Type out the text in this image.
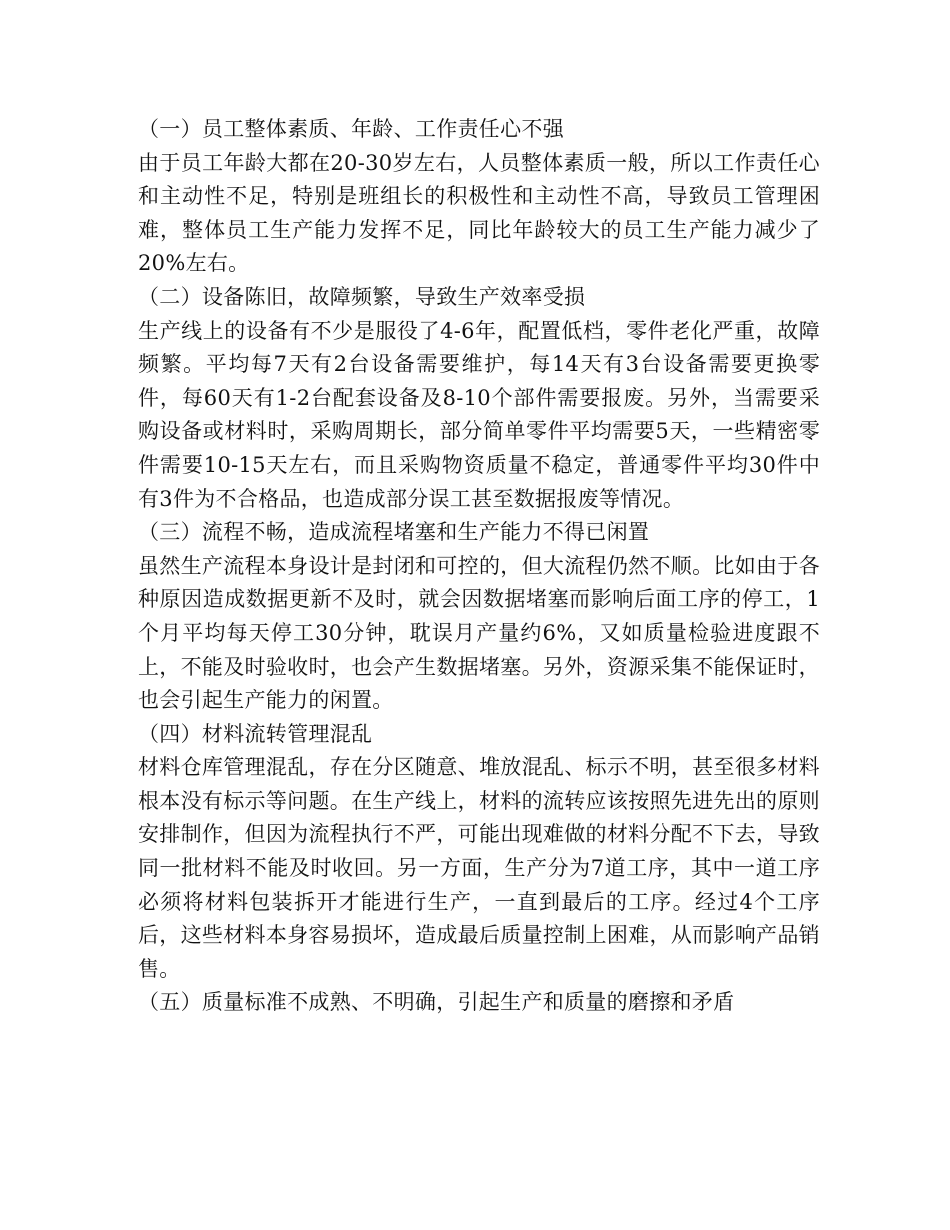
（一）员工整体素质、年龄、工作责任心不强

由于员工年龄大都在20-30岁左右，人员整体素质一般，所以工作责任心和主动性不足，特别是班组长的积极性和主动性不高，导致员工管理困难，整体员工生产能力发挥不足，同比年龄较大的员工生产能力减少了20%左右。

（二）设备陈旧，故障频繁，导致生产效率受损

生产线上的设备有不少是服役了4-6年，配置低档，零件老化严重，故障频繁。平均每7天有2台设备需要维护，每14天有3台设备需要更换零件，每60天有1-2台配套设备及8-10个部件需要报废。另外，当需要采购设备或材料时，采购周期长，部分简单零件平均需要5天，一些精密零件需要10-15天左右，而且采购物资质量不稳定，普通零件平均30件中有3件为不合格品，也造成部分误工甚至数据报废等情况。

（三）流程不畅，造成流程堵塞和生产能力不得已闲置

虽然生产流程本身设计是封闭和可控的，但大流程仍然不顺。比如由于各种原因造成数据更新不及时，就会因数据堵塞而影响后面工序的停工，1个月平均每天停工30分钟，耽误月产量约6%，又如质量检验进度跟不上，不能及时验收时，也会产生数据堵塞。另外，资源采集不能保证时，也会引起生产能力的闲置。

（四）材料流转管理混乱

材料仓库管理混乱，存在分区随意、堆放混乱、标示不明，甚至很多材料根本没有标示等问题。在生产线上，材料的流转应该按照先进先出的原则安排制作，但因为流程执行不严，可能出现难做的材料分配不下去，导致同一批材料不能及时收回。另一方面，生产分为7道工序，其中一道工序必须将材料包装拆开才能进行生产，一直到最后的工序。经过4个工序后，这些材料本身容易损坏，造成最后质量控制上困难，从而影响产品销售。

（五）质量标准不成熟、不明确，引起生产和质量的磨擦和矛盾
